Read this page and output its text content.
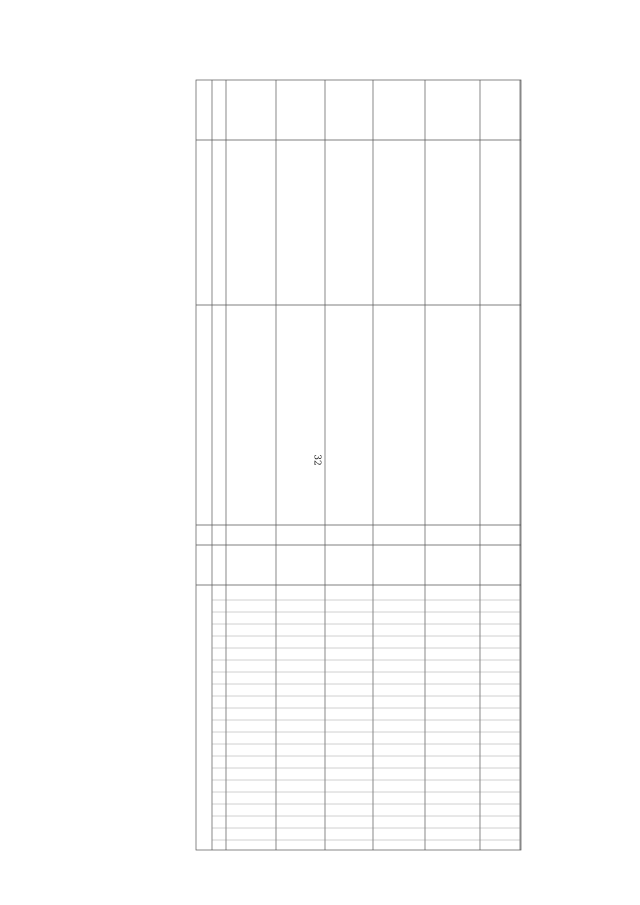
32
